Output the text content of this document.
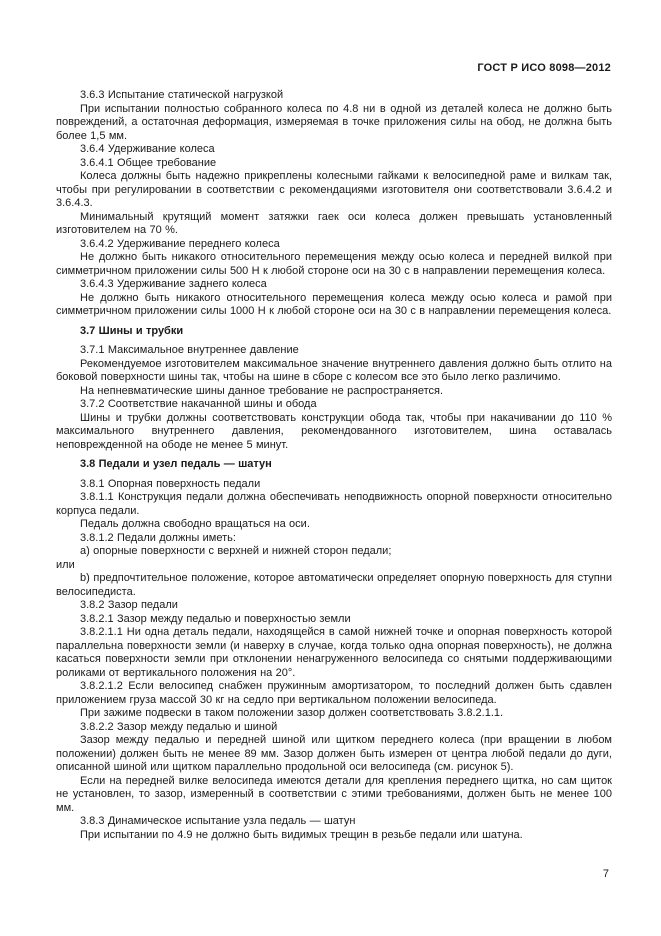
ГОСТ Р ИСО 8098—2012

3.6.3 Испытание статической нагрузкой

При испытании полностью собранного колеса по 4.8 ни в одной из деталей колеса не должно быть повреждений, а остаточная деформация, измеряемая в точке приложения силы на обод, не должна быть более 1,5 мм.

3.6.4 Удерживание колеса

3.6.4.1 Общее требование

Колеса должны быть надежно прикреплены колесными гайками к велосипедной раме и вилкам так, чтобы при регулировании в соответствии с рекомендациями изготовителя они соответствовали 3.6.4.2 и 3.6.4.3.

Минимальный крутящий момент затяжки гаек оси колеса должен превышать установленный изготовителем на 70 %.

3.6.4.2 Удерживание переднего колеса

Не должно быть никакого относительного перемещения между осью колеса и передней вилкой при симметричном приложении силы 500 Н к любой стороне оси на 30 с в направлении перемещения колеса.

3.6.4.3 Удерживание заднего колеса

Не должно быть никакого относительного перемещения колеса между осью колеса и рамой при симметричном приложении силы 1000 Н к любой стороне оси на 30 с в направлении перемещения колеса.

3.7 Шины и трубки

3.7.1 Максимальное внутреннее давление

Рекомендуемое изготовителем максимальное значение внутреннего давления должно быть отлито на боковой поверхности шины так, чтобы на шине в сборе с колесом все это было легко различимо.

На непневматические шины данное требование не распространяется.

3.7.2 Соответствие накачанной шины и обода

Шины и трубки должны соответствовать конструкции обода так, чтобы при накачивании до 110 % максимального внутреннего давления, рекомендованного изготовителем, шина оставалась неповрежденной на ободе не менее 5 минут.

3.8 Педали и узел педаль — шатун

3.8.1 Опорная поверхность педали

3.8.1.1 Конструкция педали должна обеспечивать неподвижность опорной поверхности относительно корпуса педали.

Педаль должна свободно вращаться на оси.

3.8.1.2 Педали должны иметь:

а) опорные поверхности с верхней и нижней сторон педали;

или

b) предпочтительное положение, которое автоматически определяет опорную поверхность для ступни велосипедиста.

3.8.2 Зазор педали

3.8.2.1 Зазор между педалью и поверхностью земли

3.8.2.1.1 Ни одна деталь педали, находящейся в самой нижней точке и опорная поверхность которой параллельна поверхности земли (и наверху в случае, когда только одна опорная поверхность), не должна касаться поверхности земли при отклонении ненагруженного велосипеда со снятыми поддерживающими роликами от вертикального положения на 20°.

3.8.2.1.2 Если велосипед снабжен пружинным амортизатором, то последний должен быть сдавлен приложением груза массой 30 кг на седло при вертикальном положении велосипеда.

При зажиме подвески в таком положении зазор должен соответствовать 3.8.2.1.1.

3.8.2.2 Зазор между педалью и шиной

Зазор между педалью и передней шиной или щитком переднего колеса (при вращении в любом положении) должен быть не менее 89 мм. Зазор должен быть измерен от центра любой педали до дуги, описанной шиной или щитком параллельно продольной оси велосипеда (см. рисунок 5).

Если на передней вилке велосипеда имеются детали для крепления переднего щитка, но сам щиток не установлен, то зазор, измеренный в соответствии с этими требованиями, должен быть не менее 100 мм.

3.8.3 Динамическое испытание узла педаль — шатун

При испытании по 4.9 не должно быть видимых трещин в резьбе педали или шатуна.

7
